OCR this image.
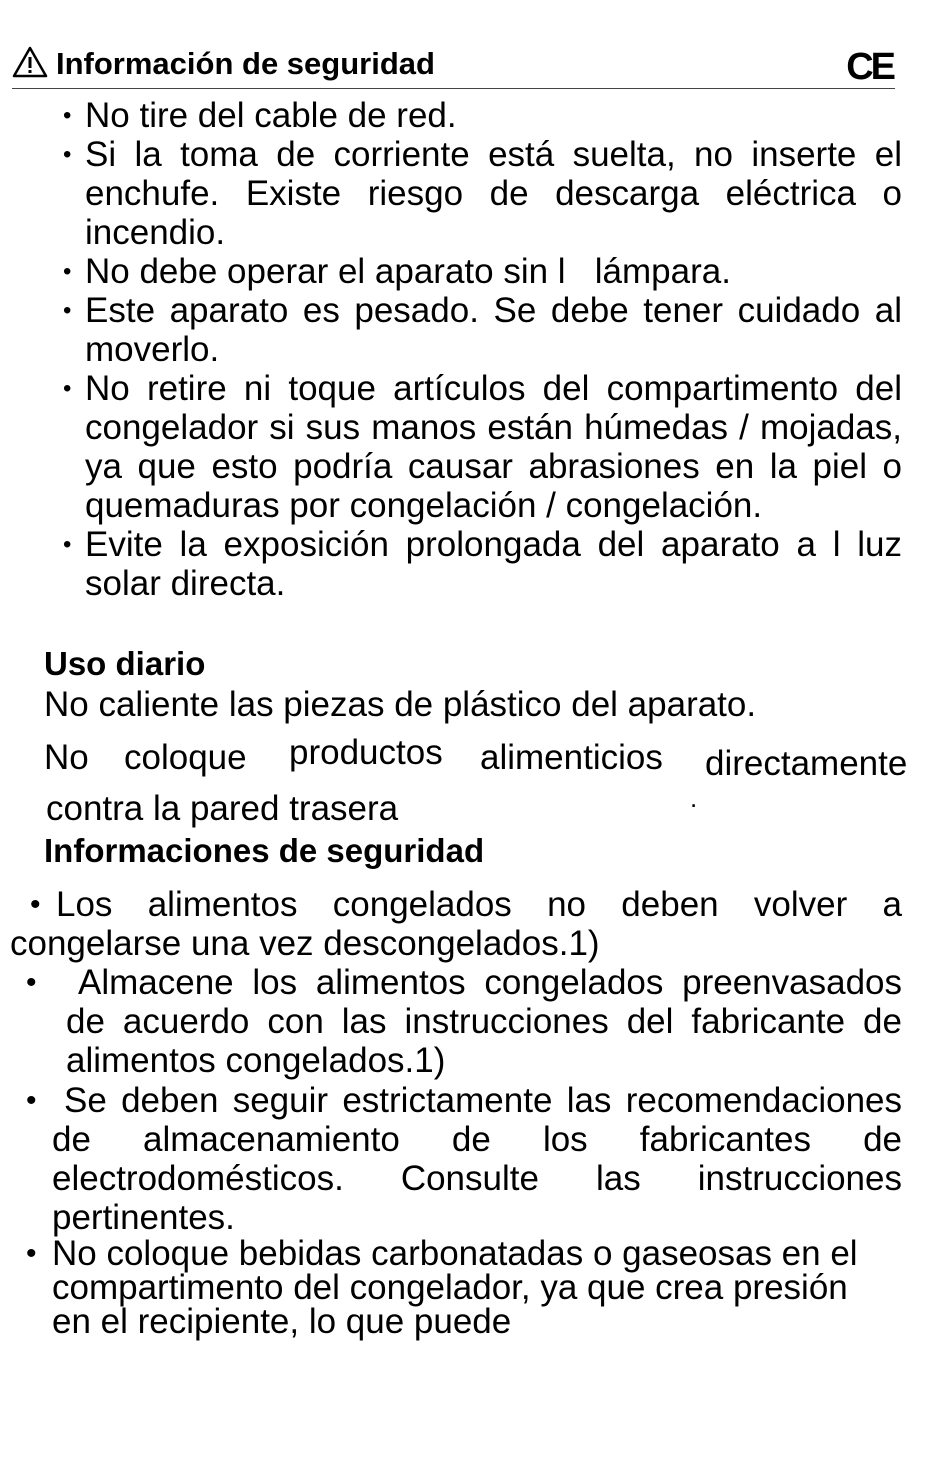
Información de seguridad	CE
• No tire del cable de red.
• Si la toma de corriente está suelta, no inserte el enchufe. Existe riesgo de descarga eléctrica o incendio.
• No debe operar el aparato sin l   lámpara.
• Este aparato es pesado. Se debe tener cuidado al moverlo.
• No retire ni toque artículos del compartimento del congelador si sus manos están húmedas / mojadas, ya que esto podría causar abrasiones en la piel o quemaduras por congelación / congelación.
• Evite la exposición prolongada del aparato a l luz solar directa.
Uso diario
No caliente las piezas de plástico del aparato.
No coloque productos alimenticios directamente
contra la pared trasera	.
Informaciones de seguridad
• Los alimentos congelados no deben volver a congelarse una vez descongelados.1)
• Almacene los alimentos congelados preenvasados de acuerdo con las instrucciones del fabricante de alimentos congelados.1)
• Se deben seguir estrictamente las recomendaciones de almacenamiento de los fabricantes de electrodomésticos. Consulte las instrucciones pertinentes.
• No coloque bebidas carbonatadas o gaseosas en el compartimento del congelador, ya que crea presión en el recipiente, lo que puede
